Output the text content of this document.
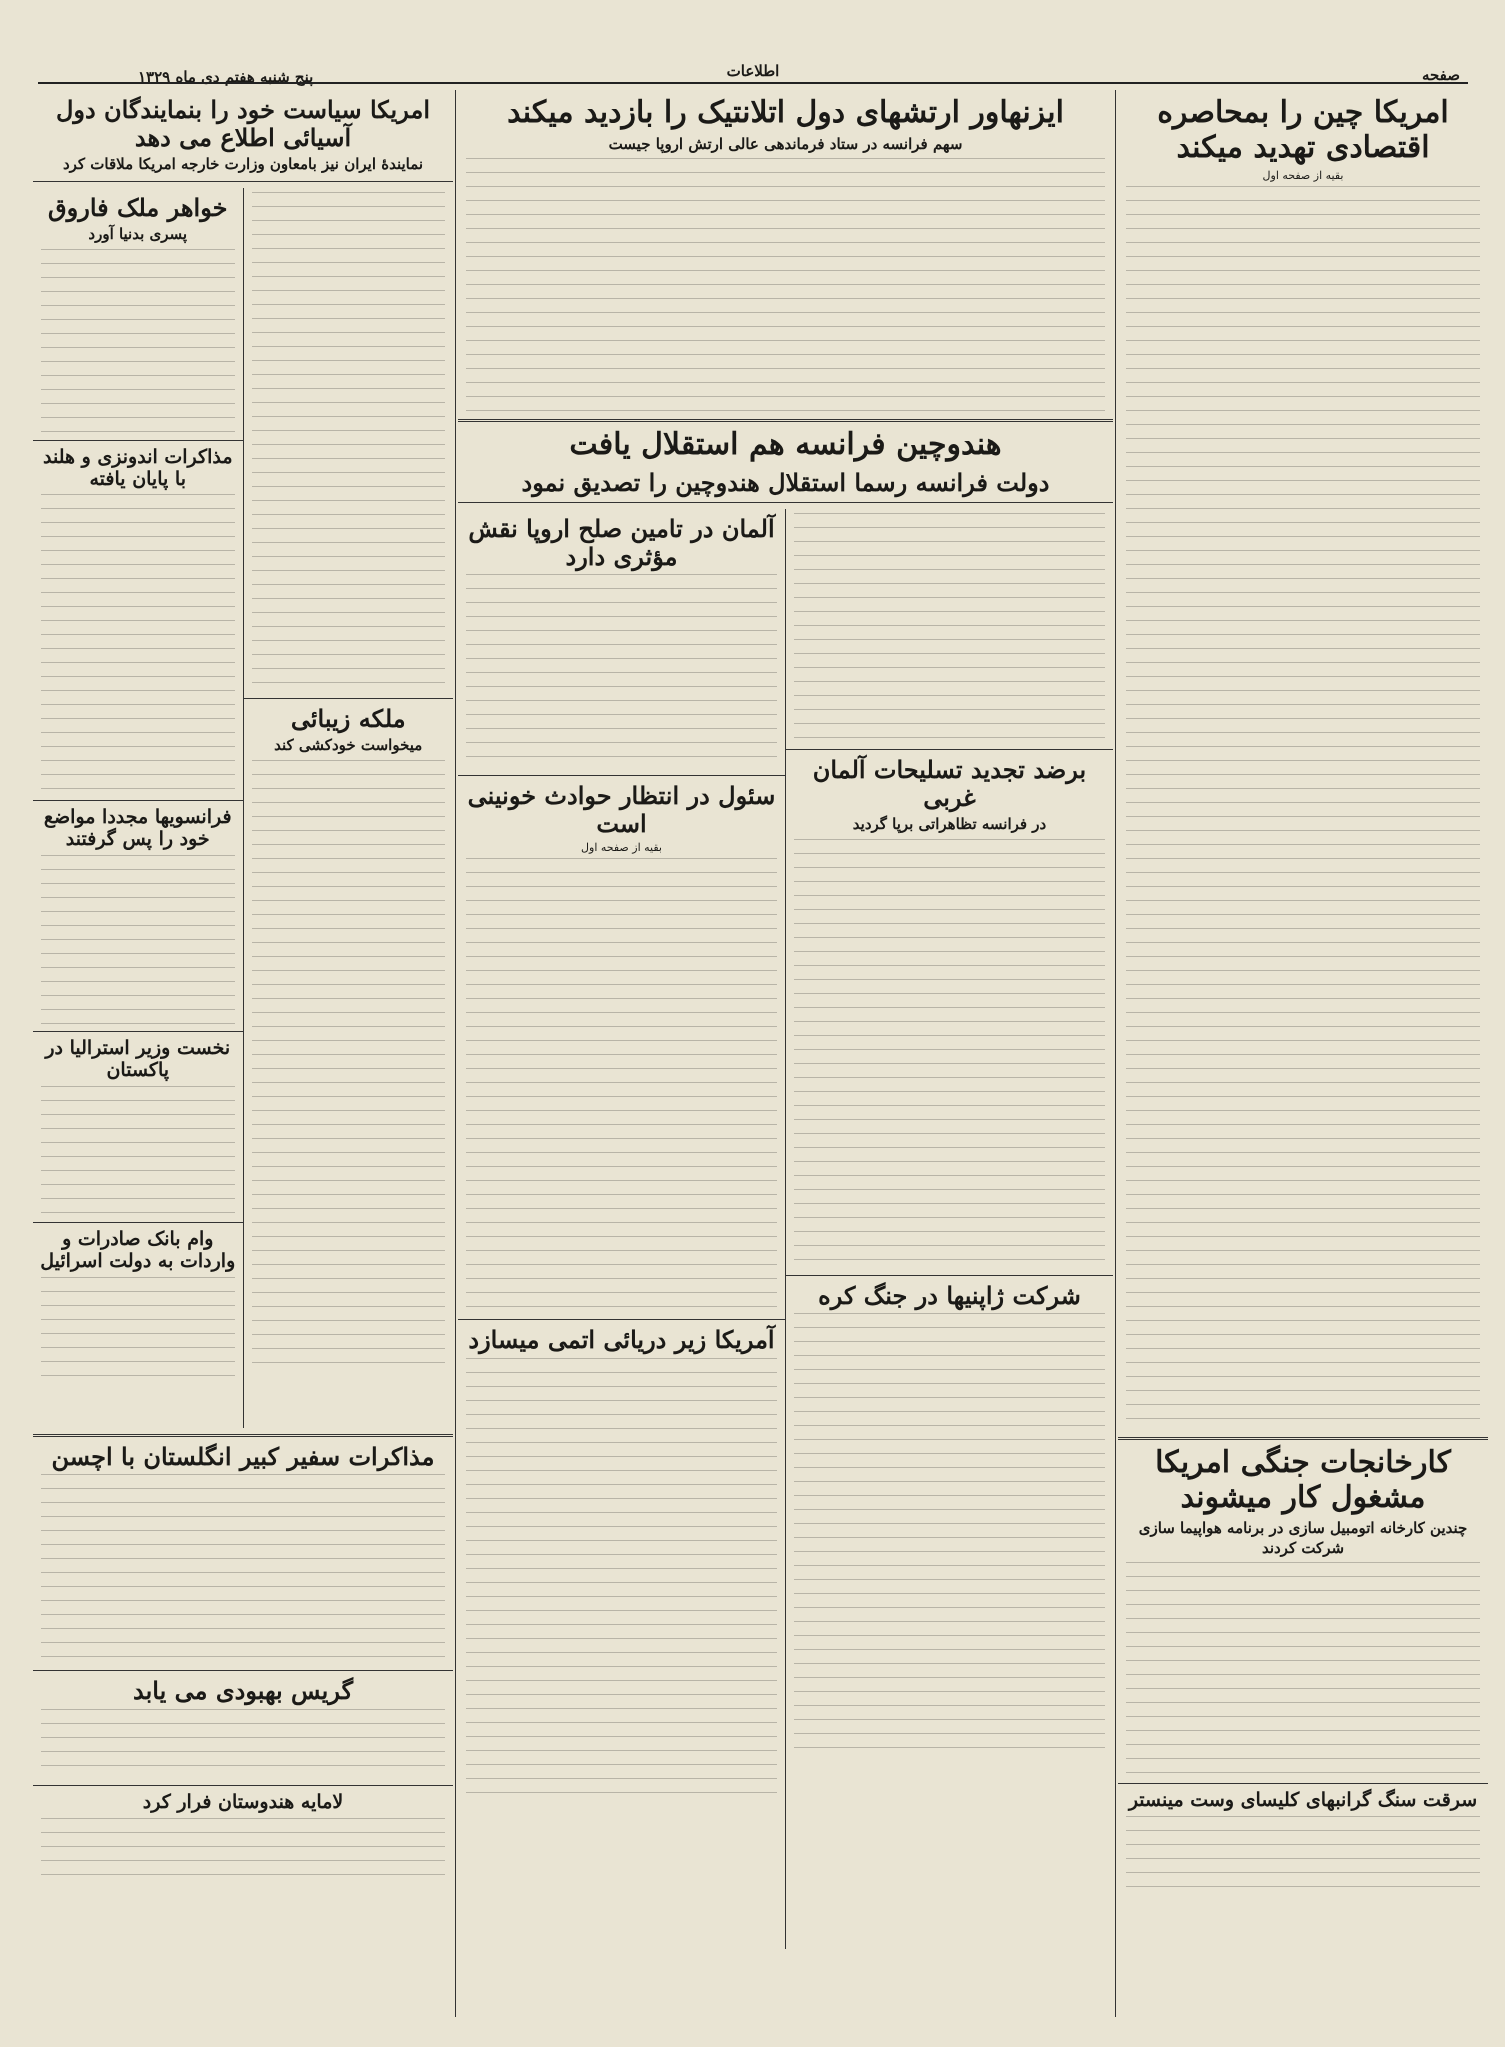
صفحه
اطلاعات
پنج شنبه هفتم دی ماه ۱۳۲۹
امریکا چین را بمحاصره اقتصادی تهدید میکند
بقیه از صفحه اول
کارخانجات جنگی امریکا مشغول کار میشوند
چندین کارخانه اتومبیل سازی در برنامه هواپیما سازی شرکت کردند
سرقت سنگ گرانبهای کلیسای وست مینستر
ایزنهاور ارتشهای دول اتلانتیک را بازدید میکند
سهم فرانسه در ستاد فرماندهی عالی ارتش اروپا جیست
هندوچین فرانسه هم استقلال یافت
دولت فرانسه رسما استقلال هندوچین را تصدیق نمود
برضد تجدید تسلیحات آلمان غربی
در فرانسه تظاهراتی برپا گردید
شرکت ژاپنیها در جنگ کره
آلمان در تامین صلح اروپا نقش مؤثری دارد
سئول در انتظار حوادث خونینی است
بقیه از صفحه اول
آمریکا زیر دریائی اتمی میسازد
امریکا سیاست خود را بنمایندگان دول آسیائی اطلاع می دهد
نمایندۀ ایران نیز بامعاون وزارت خارجه امریکا ملاقات کرد
ملکه زیبائی
میخواست خودکشی کند
خواهر ملک فاروق
پسری بدنیا آورد
مذاکرات اندونزی و هلند با پایان یافته
فرانسویها مجددا مواضع خود را پس گرفتند
نخست وزیر استرالیا در پاکستان
وام بانک صادرات و واردات به دولت اسرائیل
مذاکرات سفیر کبیر انگلستان با اچسن
گریس بهبودی می یابد
لامایه هندوستان فرار کرد
